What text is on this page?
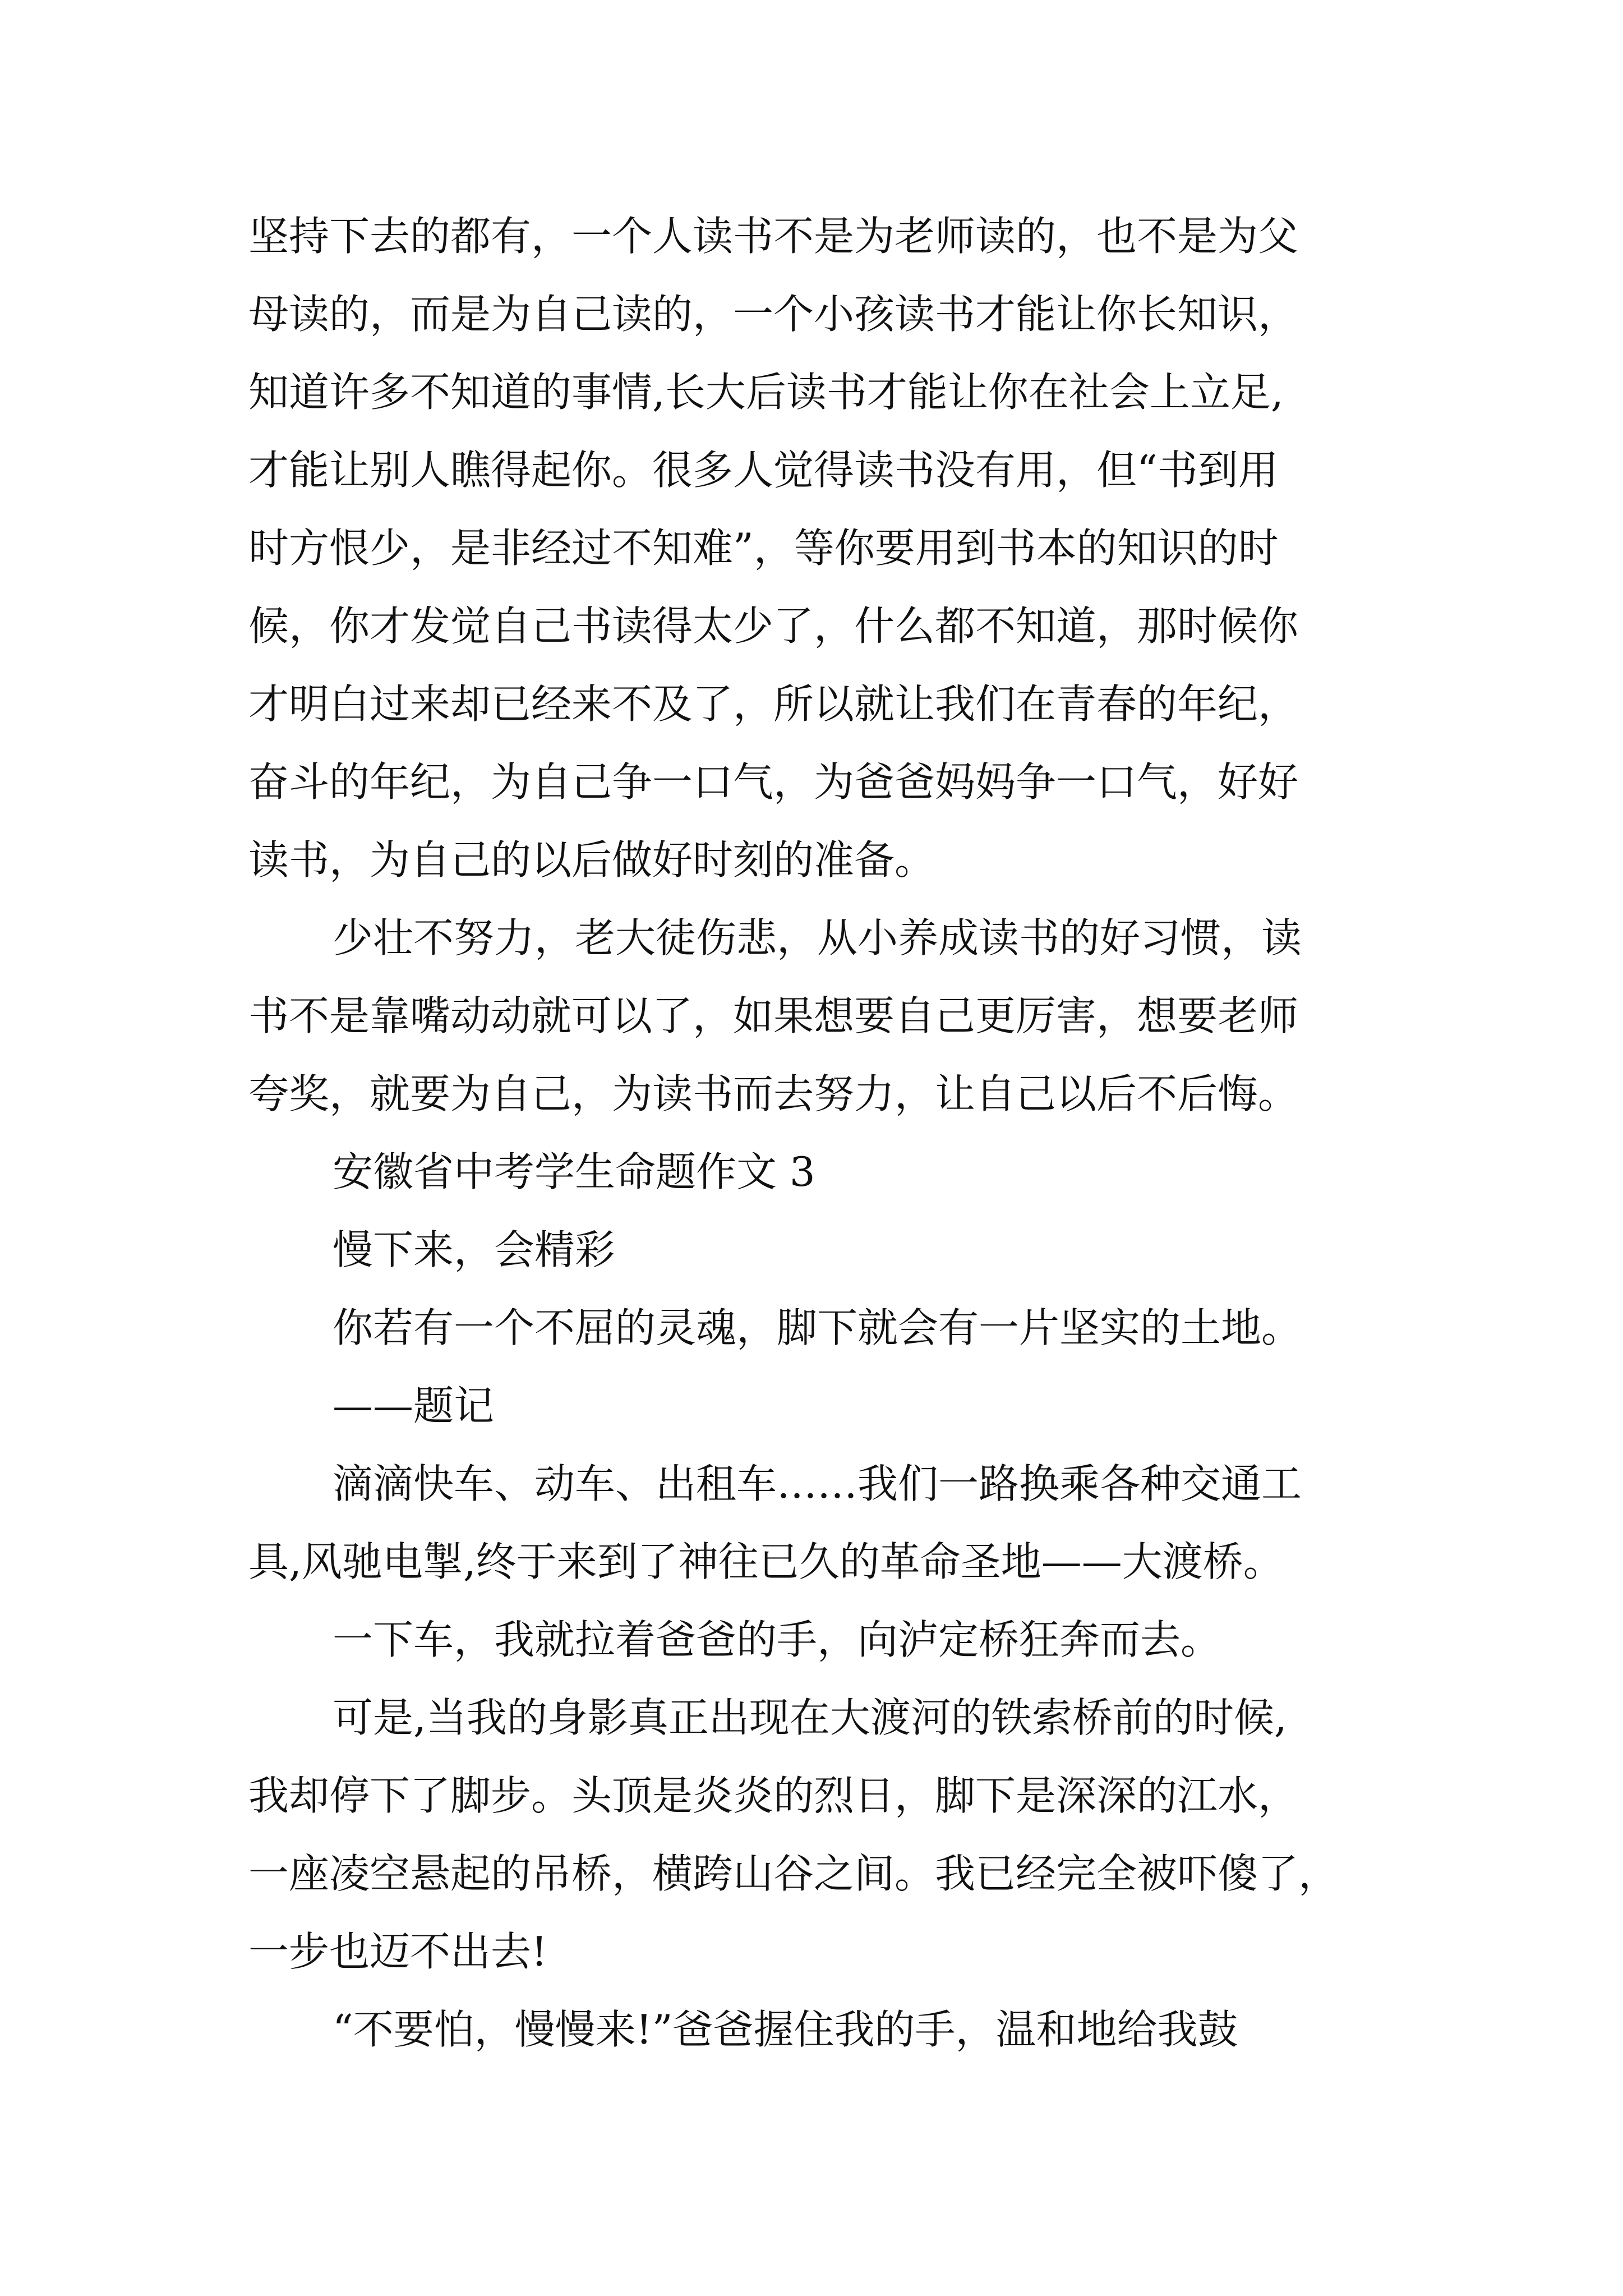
坚持下去的都有，一个人读书不是为老师读的，也不是为父
母读的，而是为自己读的，一个小孩读书才能让你长知识，
知道许多不知道的事情,长大后读书才能让你在社会上立足,
才能让别人瞧得起你。很多人觉得读书没有用，但“书到用
时方恨少，是非经过不知难”，等你要用到书本的知识的时
候，你才发觉自己书读得太少了，什么都不知道，那时候你
才明白过来却已经来不及了，所以就让我们在青春的年纪，
奋斗的年纪，为自己争一口气，为爸爸妈妈争一口气，好好
读书，为自己的以后做好时刻的准备。
少壮不努力，老大徒伤悲，从小养成读书的好习惯，读
书不是靠嘴动动就可以了，如果想要自己更厉害，想要老师
夸奖，就要为自己，为读书而去努力，让自己以后不后悔。
安徽省中考学生命题作文 3
慢下来，会精彩
你若有一个不屈的灵魂，脚下就会有一片坚实的土地。
——题记
滴滴快车、动车、出租车……我们一路换乘各种交通工
具,风驰电掣,终于来到了神往已久的革命圣地——大渡桥。
一下车，我就拉着爸爸的手，向泸定桥狂奔而去。
可是,当我的身影真正出现在大渡河的铁索桥前的时候,
我却停下了脚步。头顶是炎炎的烈日，脚下是深深的江水，
一座凌空悬起的吊桥，横跨山谷之间。我已经完全被吓傻了，
一步也迈不出去!
“不要怕，慢慢来!”爸爸握住我的手，温和地给我鼓
